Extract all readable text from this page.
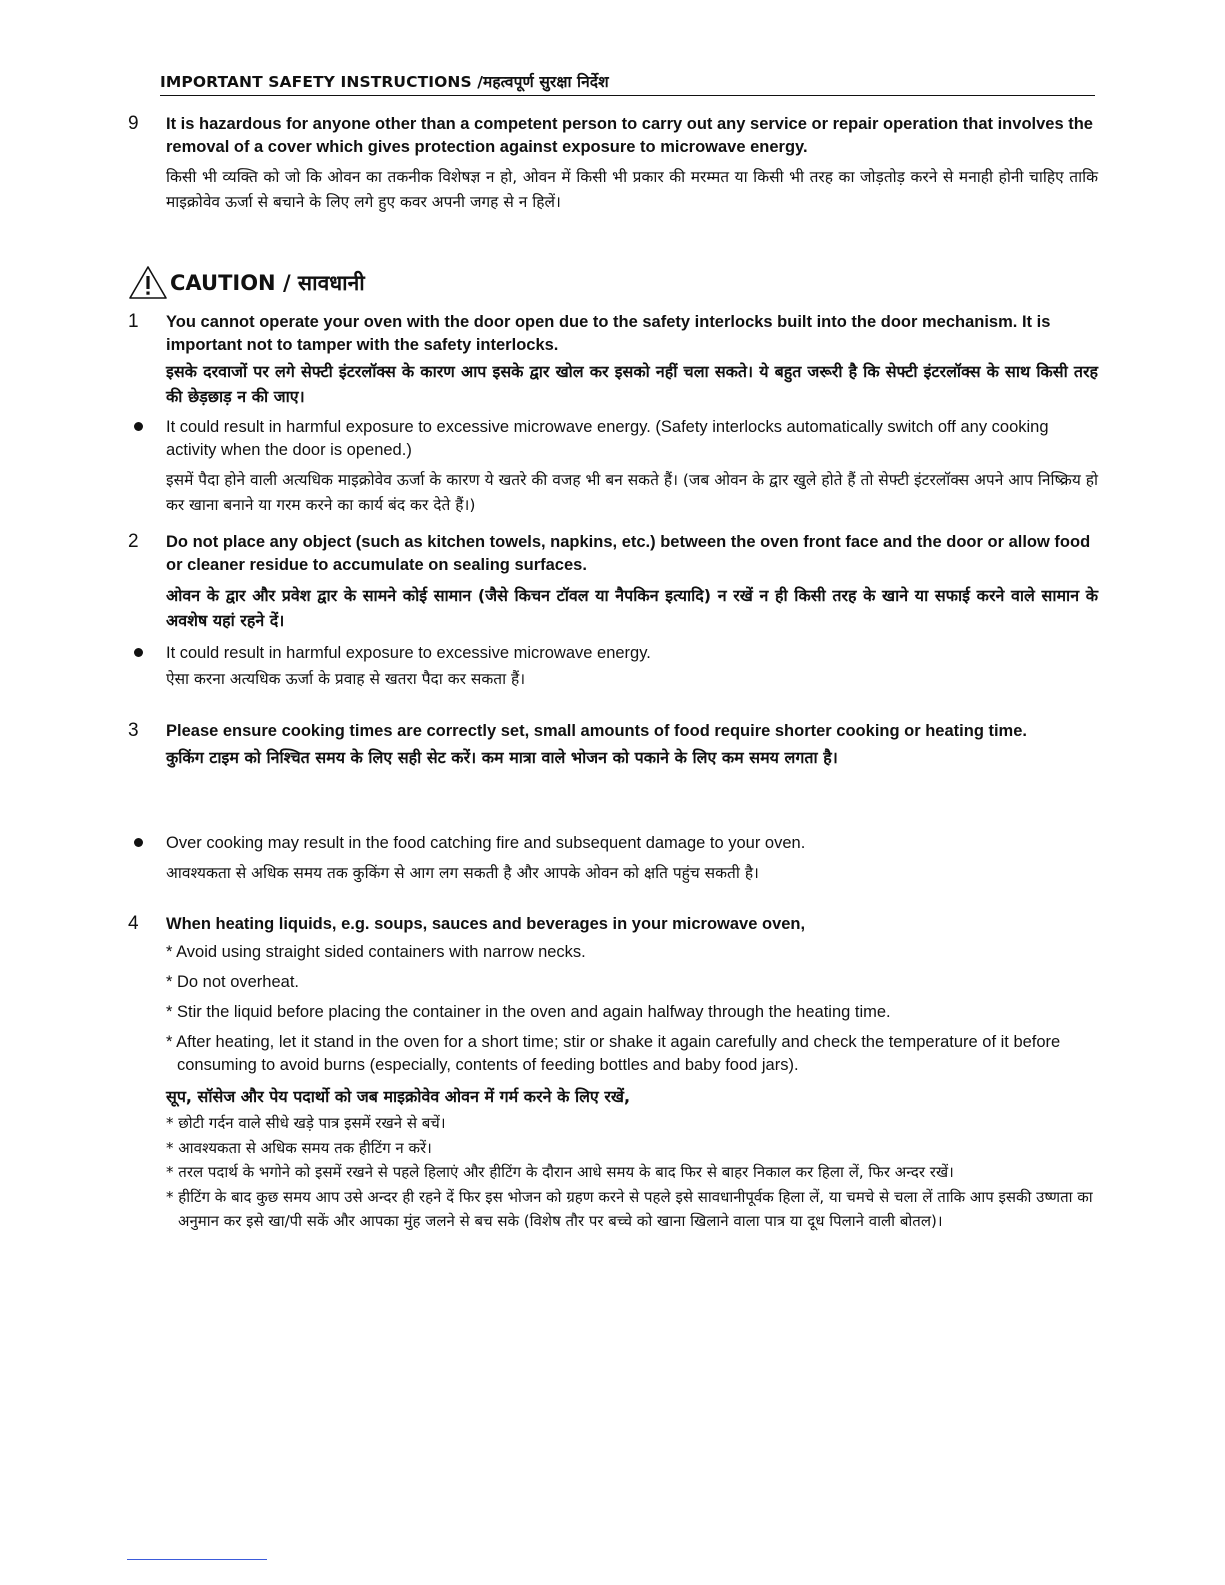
IMPORTANT SAFETY INSTRUCTIONS /महत्वपूर्ण सुरक्षा निर्देश
9	It is hazardous for anyone other than a competent person to carry out any service or repair operation that involves the removal of a cover which gives protection against exposure to microwave energy.

किसी भी व्यक्ति को जो कि ओवन का तकनीक विशेषज्ञ न हो, ओवन में किसी भी प्रकार की मरम्मत या किसी भी तरह का जोड़तोड़ करने से मनाही होनी चाहिए ताकि माइक्रोवेव ऊर्जा से बचाने के लिए लगे हुए कवर अपनी जगह से न हिलें।

CAUTION / सावधानी
1	You cannot operate your oven with the door open due to the safety interlocks built into the door mechanism. It is important not to tamper with the safety interlocks.

इसके दरवाजों पर लगे सेफ्टी इंटरलॉक्स के कारण आप इसके द्वार खोल कर इसको नहीं चला सकते। ये बहुत जरूरी है कि सेफ्टी इंटरलॉक्स के साथ किसी तरह की छेड़छाड़ न की जाए।

It could result in harmful exposure to excessive microwave energy. (Safety interlocks automatically switch off any cooking activity when the door is opened.)

इसमें पैदा होने वाली अत्यधिक माइक्रोवेव ऊर्जा के कारण ये खतरे की वजह भी बन सकते हैं। (जब ओवन के द्वार खुले होते हैं तो सेफ्टी इंटरलॉक्स अपने आप निष्क्रिय हो कर खाना बनाने या गरम करने का कार्य बंद कर देते हैं।)

2	Do not place any object (such as kitchen towels, napkins, etc.) between the oven front face and the door or allow food or cleaner residue to accumulate on sealing surfaces.

ओवन के द्वार और प्रवेश द्वार के सामने कोई सामान (जैसे किचन टॉवल या नैपकिन इत्यादि) न रखें न ही किसी तरह के खाने या सफाई करने वाले सामान के अवशेष यहां रहने दें।

It could result in harmful exposure to excessive microwave energy.

ऐसा करना अत्यधिक ऊर्जा के प्रवाह से खतरा पैदा कर सकता हैं।

3	Please ensure cooking times are correctly set, small amounts of food require shorter cooking or heating time.

कुकिंग टाइम को निश्चित समय के लिए सही सेट करें। कम मात्रा वाले भोजन को पकाने के लिए कम समय लगता है।

Over cooking may result in the food catching fire and subsequent damage to your oven.

आवश्यकता से अधिक समय तक कुकिंग से आग लग सकती है और आपके ओवन को क्षति पहुंच सकती है।

4	When heating liquids, e.g. soups, sauces and beverages in your microwave oven,

* Avoid using straight sided containers with narrow necks.
* Do not overheat.
* Stir the liquid before placing the container in the oven and again halfway through the heating time.
* After heating, let it stand in the oven for a short time; stir or shake it again carefully and check the temperature of it before consuming to avoid burns (especially, contents of feeding bottles and baby food jars).

सूप, सॉसेज और पेय पदार्थो को जब माइक्रोवेव ओवन में गर्म करने के लिए रखें,

* छोटी गर्दन वाले सीधे खड़े पात्र इसमें रखने से बचें।
* आवश्यकता से अधिक समय तक हीटिंग न करें।
* तरल पदार्थ के भगोने को इसमें रखने से पहले हिलाएं और हीटिंग के दौरान आधे समय के बाद फिर से बाहर निकाल कर हिला लें, फिर अन्दर रखें।
* हीटिंग के बाद कुछ समय आप उसे अन्दर ही रहने दें फिर इस भोजन को ग्रहण करने से पहले इसे सावधानीपूर्वक हिला लें, या चमचे से चला लें ताकि आप इसकी उष्णता का अनुमान कर इसे खा/पी सकें और आपका मुंह जलने से बच सके (विशेष तौर पर बच्चे को खाना खिलाने वाला पात्र या दूध पिलाने वाली बोतल)।
